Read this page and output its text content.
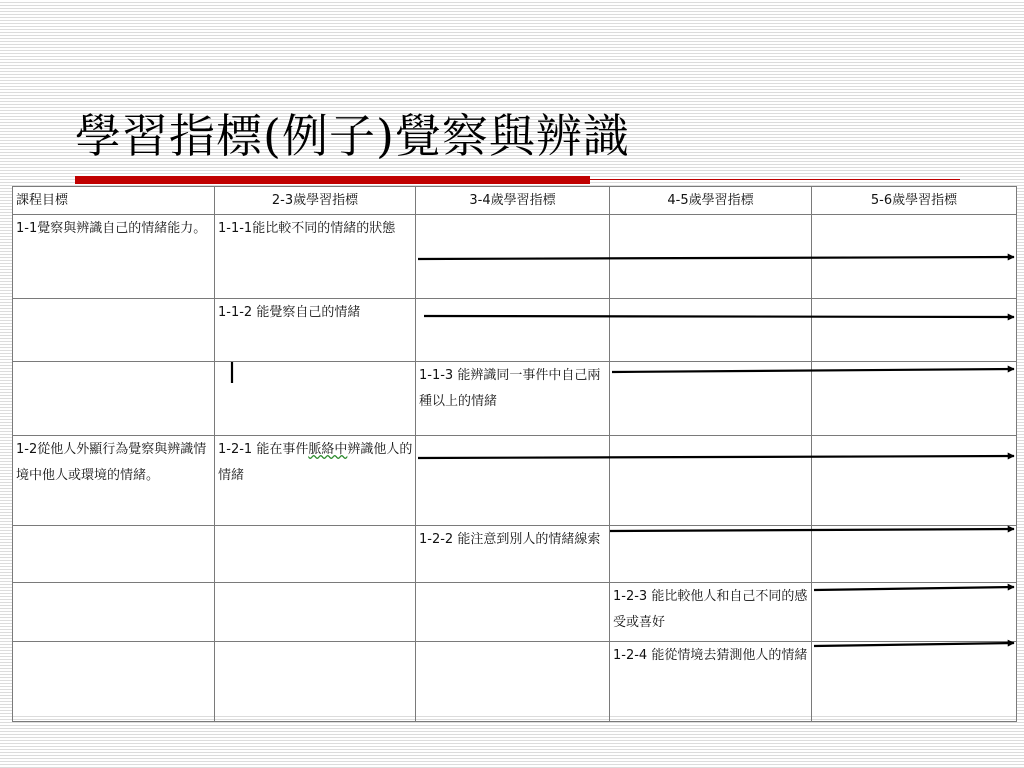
學習指標(例子)覺察與辨識
課程目標	2-3歲學習指標	3-4歲學習指標	4-5歲學習指標	5-6歲學習指標
1-1覺察與辨識自己的情緒能力。	1-1-1能比較不同的情緒的狀態			
	1-1-2 能覺察自己的情緒			
		1-1-3 能辨識同一事件中自己兩種以上的情緒		
1-2從他人外顯行為覺察與辨識情境中他人或環境的情緒。	1-2-1 能在事件脈絡中辨識他人的情緒			
		1-2-2 能注意到別人的情緒線索		
			1-2-3 能比較他人和自己不同的感受或喜好	
			1-2-4 能從情境去猜測他人的情緒	
